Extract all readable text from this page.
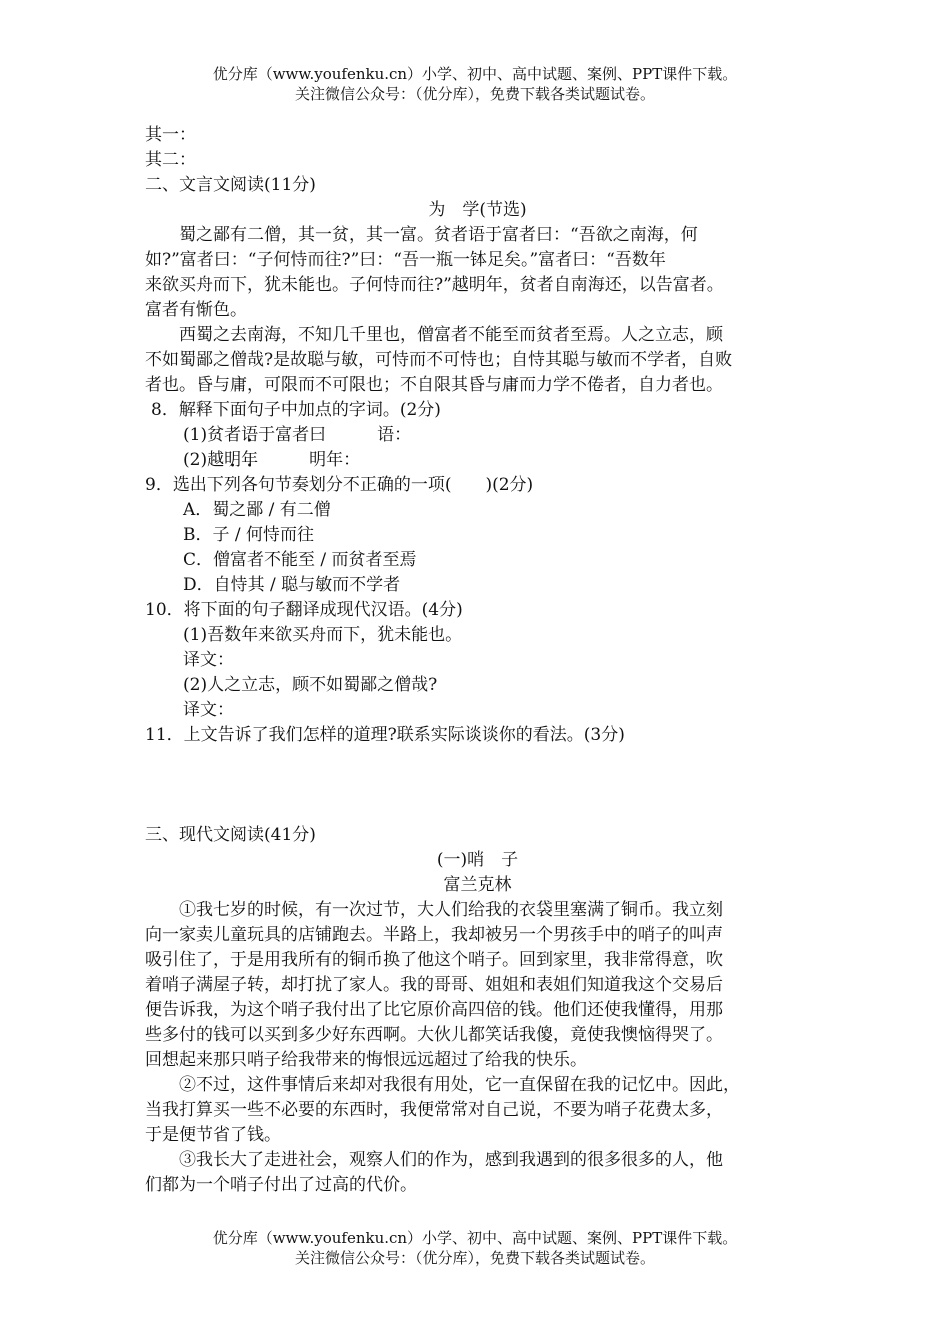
优分库（www.youfenku.cn）小学、初中、高中试题、案例、PPT课件下载。
关注微信公众号：（优分库），免费下载各类试题试卷。
其一：
其二：
二、文言文阅读(11分)
为　学(节选)
　　蜀之鄙有二僧，其一贫，其一富。贫者语于富者曰：“吾欲之南海，何
如?”富者曰：“子何恃而往?”曰：“吾一瓶一钵足矣。”富者曰：“吾数年
来欲买舟而下，犹未能也。子何恃而往?”越明年，贫者自南海还，以告富者。
富者有惭色。
　　西蜀之去南海，不知几千里也，僧富者不能至而贫者至焉。人之立志，顾
不如蜀鄙之僧哉?是故聪与敏，可恃而不可恃也；自恃其聪与敏而不学者，自败
者也。昏与庸，可限而不可限也；不自限其昏与庸而力学不倦者，自力者也。
8．解释下面句子中加点的字词。(2分)
(1)贫者语于富者曰　　　语：
(2)越明年　　　明年：
9．选出下列各句节奏划分不正确的一项(　　)(2分)
A．蜀之鄙 / 有二僧
B．子 / 何恃而往
C．僧富者不能至 / 而贫者至焉
D．自恃其 / 聪与敏而不学者
10．将下面的句子翻译成现代汉语。(4分)
(1)吾数年来欲买舟而下，犹未能也。
译文：
(2)人之立志，顾不如蜀鄙之僧哉?
译文：
11．上文告诉了我们怎样的道理?联系实际谈谈你的看法。(3分)
三、现代文阅读(41分)
(一)哨　子
富兰克林
　　①我七岁的时候，有一次过节，大人们给我的衣袋里塞满了铜币。我立刻
向一家卖儿童玩具的店铺跑去。半路上，我却被另一个男孩手中的哨子的叫声
吸引住了，于是用我所有的铜币换了他这个哨子。回到家里，我非常得意，吹
着哨子满屋子转，却打扰了家人。我的哥哥、姐姐和表姐们知道我这个交易后
便告诉我，为这个哨子我付出了比它原价高四倍的钱。他们还使我懂得，用那
些多付的钱可以买到多少好东西啊。大伙儿都笑话我傻，竟使我懊恼得哭了。
回想起来那只哨子给我带来的悔恨远远超过了给我的快乐。
　　②不过，这件事情后来却对我很有用处，它一直保留在我的记忆中。因此，
当我打算买一些不必要的东西时，我便常常对自己说，不要为哨子花费太多，
于是便节省了钱。
　　③我长大了走进社会，观察人们的作为，感到我遇到的很多很多的人，他
们都为一个哨子付出了过高的代价。
优分库（www.youfenku.cn）小学、初中、高中试题、案例、PPT课件下载。
关注微信公众号：（优分库），免费下载各类试题试卷。
